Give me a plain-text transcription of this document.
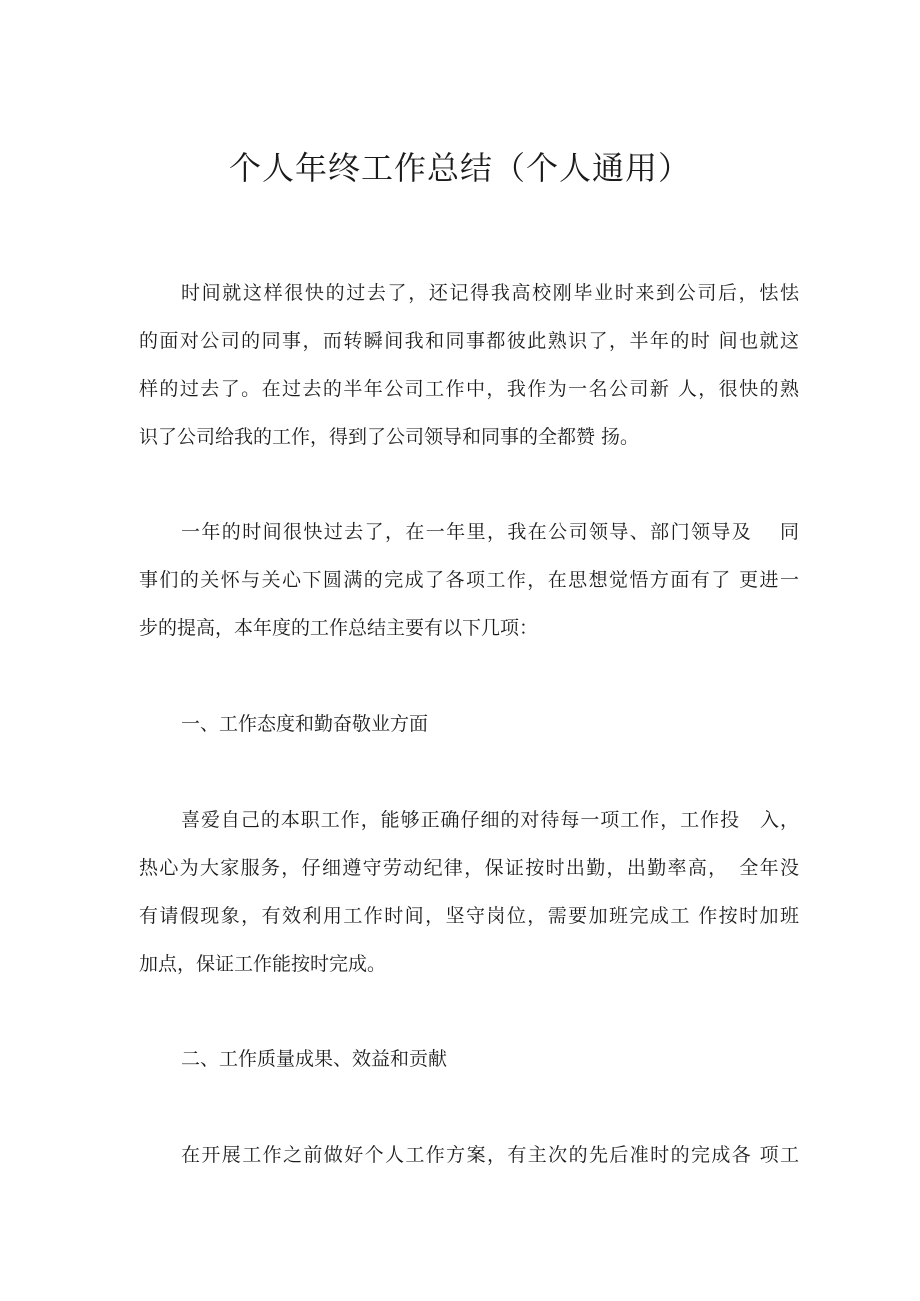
个人年终工作总结（个人通用）

时间就这样很快的过去了，还记得我高校刚毕业时来到公司后，怯怯

的面对公司的同事，而转瞬间我和同事都彼此熟识了，半年的时 间也就这

样的过去了。在过去的半年公司工作中，我作为一名公司新 人，很快的熟

识了公司给我的工作，得到了公司领导和同事的全都赞 扬。

一年的时间很快过去了，在一年里，我在公司领导、部门领导及　 同

事们的关怀与关心下圆满的完成了各项工作，在思想觉悟方面有了 更进一

步的提高，本年度的工作总结主要有以下几项：

一、工作态度和勤奋敬业方面

喜爱自己的本职工作，能够正确仔细的对待每一项工作，工作投　入，

热心为大家服务，仔细遵守劳动纪律，保证按时出勤，出勤率高，　全年没

有请假现象，有效利用工作时间，坚守岗位，需要加班完成工 作按时加班

加点，保证工作能按时完成。

二、工作质量成果、效益和贡献

在开展工作之前做好个人工作方案，有主次的先后准时的完成各 项工
